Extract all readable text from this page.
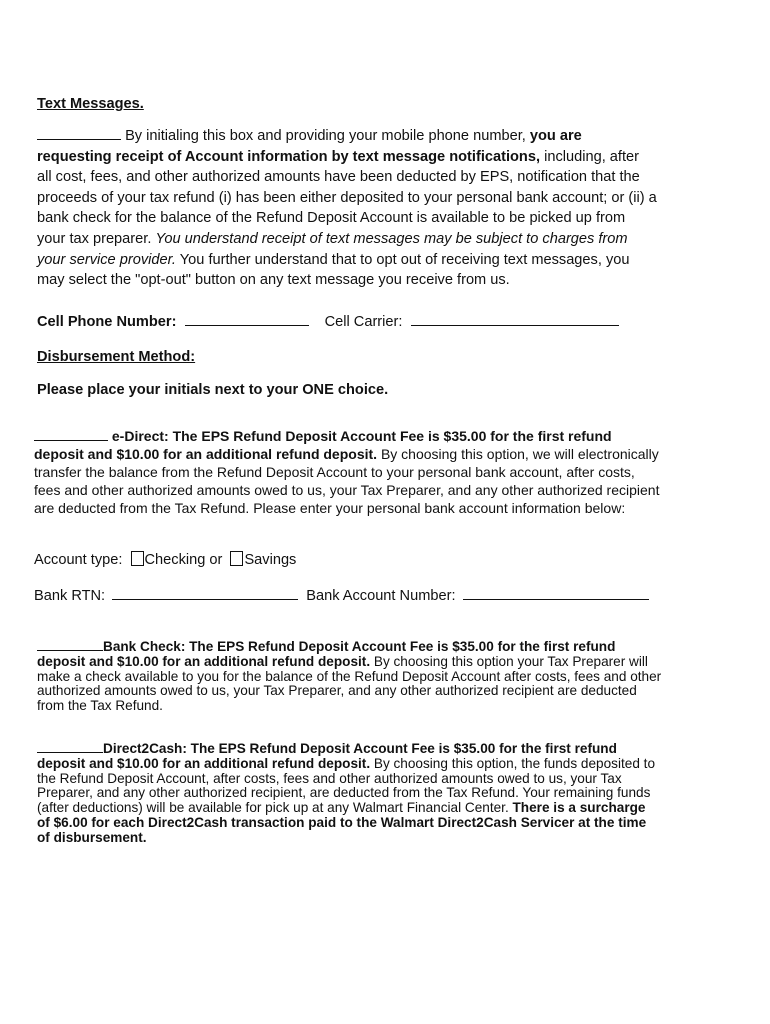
Text Messages.
By initialing this box and providing your mobile phone number, you are requesting receipt of Account information by text message notifications, including, after all cost, fees, and other authorized amounts have been deducted by EPS, notification that the proceeds of your tax refund (i) has been either deposited to your personal bank account; or (ii) a bank check for the balance of the Refund Deposit Account is available to be picked up from your tax preparer. You understand receipt of text messages may be subject to charges from your service provider. You further understand that to opt out of receiving text messages, you may select the "opt-out" button on any text message you receive from us.
Cell Phone Number:	Cell Carrier:
Disbursement Method:
Please place your initials next to your ONE choice.
e-Direct: The EPS Refund Deposit Account Fee is $35.00 for the first refund deposit and $10.00 for an additional refund deposit. By choosing this option, we will electronically transfer the balance from the Refund Deposit Account to your personal bank account, after costs, fees and other authorized amounts owed to us, your Tax Preparer, and any other authorized recipient are deducted from the Tax Refund. Please enter your personal bank account information below:
Account type: Checking or Savings
Bank RTN:	Bank Account Number:
Bank Check: The EPS Refund Deposit Account Fee is $35.00 for the first refund deposit and $10.00 for an additional refund deposit. By choosing this option your Tax Preparer will make a check available to you for the balance of the Refund Deposit Account after costs, fees and other authorized amounts owed to us, your Tax Preparer, and any other authorized recipient are deducted from the Tax Refund.
Direct2Cash: The EPS Refund Deposit Account Fee is $35.00 for the first refund deposit and $10.00 for an additional refund deposit. By choosing this option, the funds deposited to the Refund Deposit Account, after costs, fees and other authorized amounts owed to us, your Tax Preparer, and any other authorized recipient, are deducted from the Tax Refund. Your remaining funds (after deductions) will be available for pick up at any Walmart Financial Center. There is a surcharge of $6.00 for each Direct2Cash transaction paid to the Walmart Direct2Cash Servicer at the time of disbursement.
